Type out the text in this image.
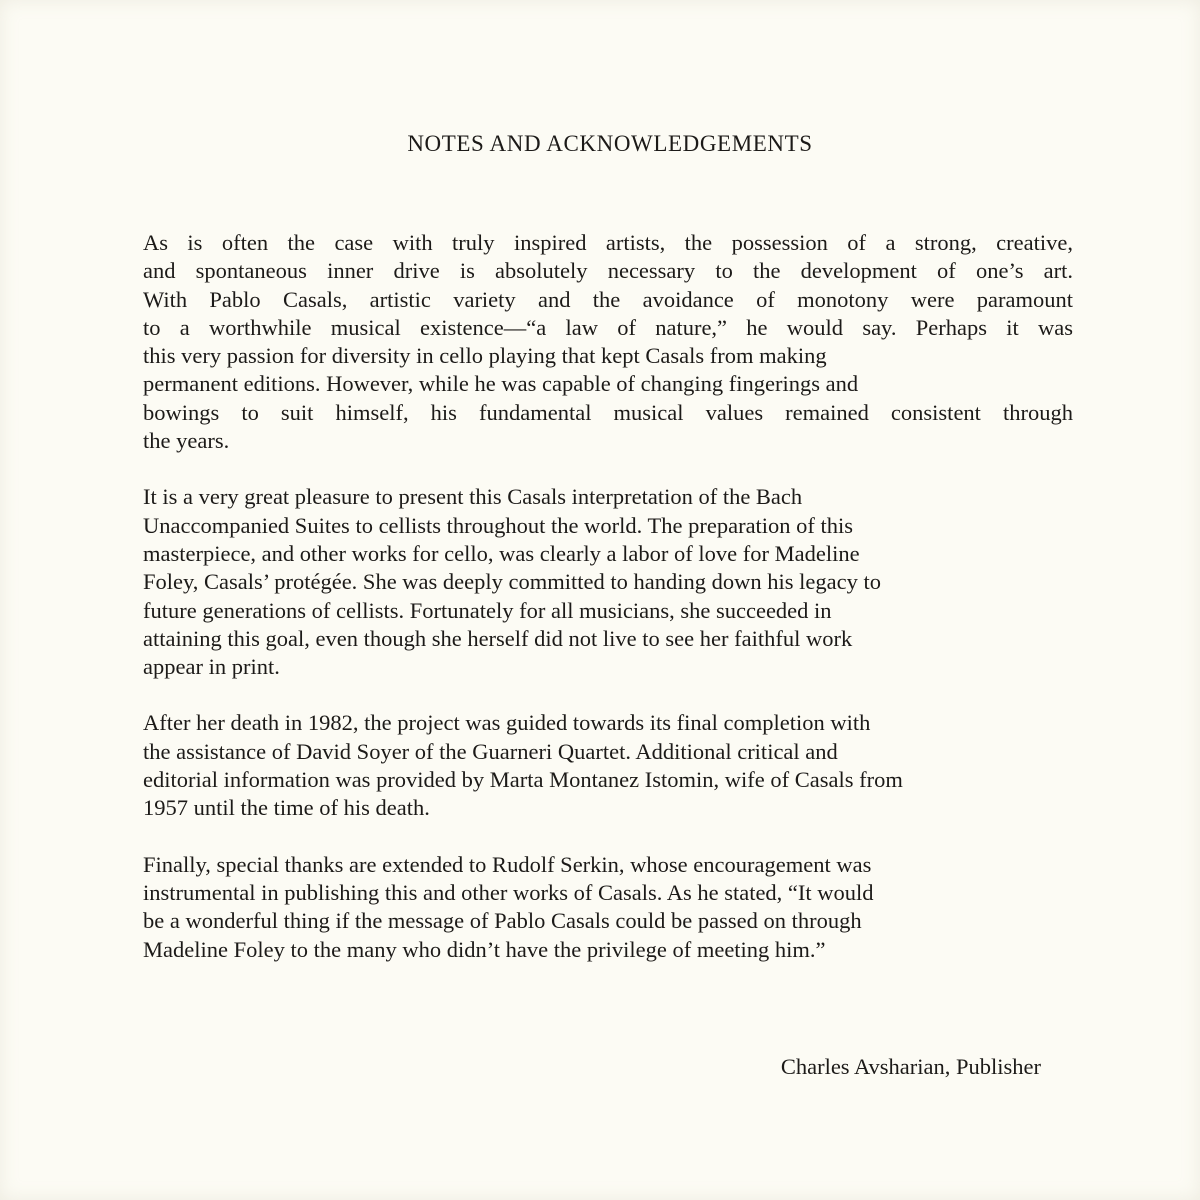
NOTES AND ACKNOWLEDGEMENTS
As is often the case with truly inspired artists, the possession of a strong, creative,
and spontaneous inner drive is absolutely necessary to the development of one’s art.
With Pablo Casals, artistic variety and the avoidance of monotony were paramount
to a worthwhile musical existence—“a law of nature,” he would say. Perhaps it was
this very passion for diversity in cello playing that kept Casals from making
permanent editions. However, while he was capable of changing fingerings and
bowings to suit himself, his fundamental musical values remained consistent through
the years.
It is a very great pleasure to present this Casals interpretation of the Bach
Unaccompanied Suites to cellists throughout the world. The preparation of this
masterpiece, and other works for cello, was clearly a labor of love for Madeline
Foley, Casals’ protégée. She was deeply committed to handing down his legacy to
future generations of cellists. Fortunately for all musicians, she succeeded in
attaining this goal, even though she herself did not live to see her faithful work
appear in print.
After her death in 1982, the project was guided towards its final completion with
the assistance of David Soyer of the Guarneri Quartet. Additional critical and
editorial information was provided by Marta Montanez Istomin, wife of Casals from
1957 until the time of his death.
Finally, special thanks are extended to Rudolf Serkin, whose encouragement was
instrumental in publishing this and other works of Casals. As he stated, “It would
be a wonderful thing if the message of Pablo Casals could be passed on through
Madeline Foley to the many who didn’t have the privilege of meeting him.”
Charles Avsharian, Publisher
